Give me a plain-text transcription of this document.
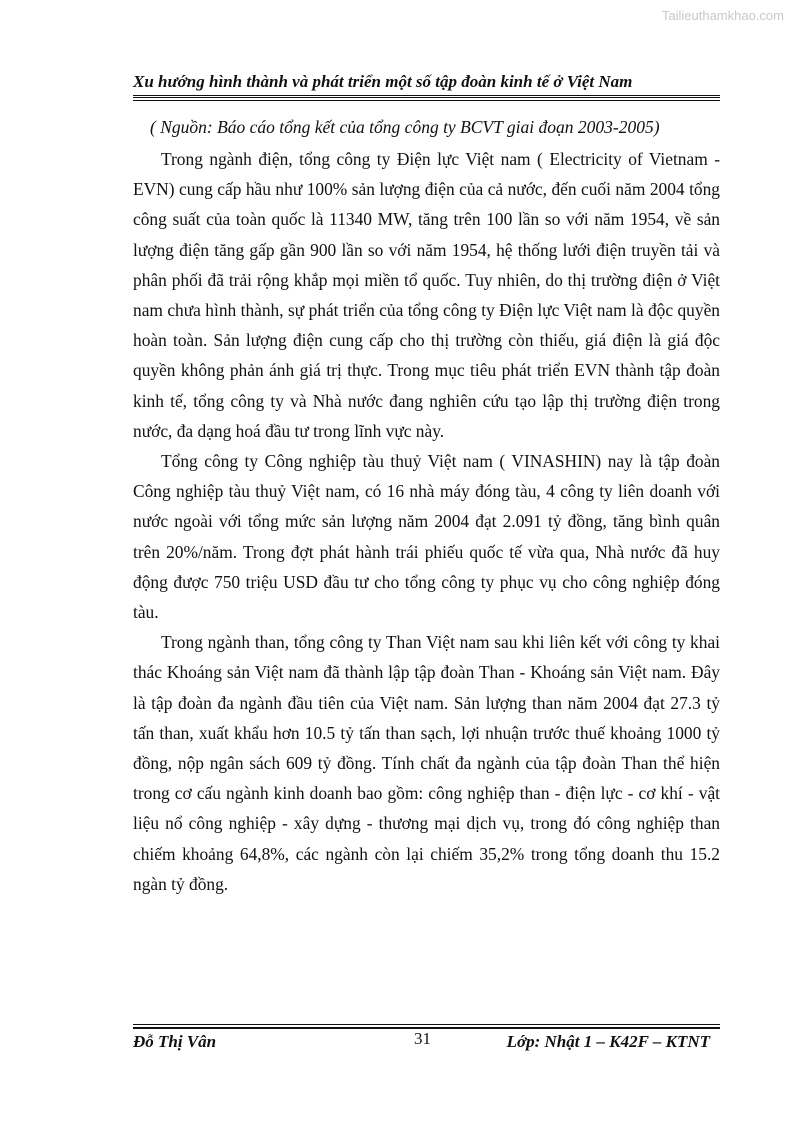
Tailieuthamkhao.com
Xu hướng hình thành và phát triển một số tập đoàn kinh tế ở Việt Nam
( Nguồn: Báo cáo tổng kết của tổng công ty BCVT giai đoạn 2003-2005)

Trong ngành điện, tổng công ty Điện lực Việt nam ( Electricity of Vietnam - EVN) cung cấp hầu như 100% sản lượng điện của cả nước, đến cuối năm 2004 tổng công suất của toàn quốc là 11340 MW, tăng trên 100 lần so với năm 1954, về sản lượng điện tăng gấp gần 900 lần so với năm 1954, hệ thống lưới điện truyền tải và phân phối đã trải rộng khắp mọi miền tổ quốc. Tuy nhiên, do thị trường điện ở Việt nam chưa hình thành, sự phát triển của tổng công ty Điện lực Việt nam là độc quyền hoàn toàn. Sản lượng điện cung cấp cho thị trường còn thiếu, giá điện là giá độc quyền không phản ánh giá trị thực. Trong mục tiêu phát triển EVN thành tập đoàn kinh tế, tổng công ty và Nhà nước đang nghiên cứu tạo lập thị trường điện trong nước, đa dạng hoá đầu tư trong lĩnh vực này.

Tổng công ty Công nghiệp tàu thuỷ Việt nam ( VINASHIN) nay là tập đoàn Công nghiệp tàu thuỷ Việt nam, có 16 nhà máy đóng tàu, 4 công ty liên doanh với nước ngoài với tổng mức sản lượng năm 2004 đạt 2.091 tỷ đồng, tăng bình quân trên 20%/năm. Trong đợt phát hành trái phiếu quốc tế vừa qua, Nhà nước đã huy động được 750 triệu USD đầu tư cho tổng công ty phục vụ cho công nghiệp đóng tàu.

Trong ngành than, tổng công ty Than Việt nam sau khi liên kết với công ty khai thác Khoáng sản Việt nam đã thành lập tập đoàn Than - Khoáng sản Việt nam. Đây là tập đoàn đa ngành đầu tiên của Việt nam. Sản lượng than năm 2004 đạt 27.3 tỷ tấn than, xuất khẩu hơn 10.5 tỷ tấn than sạch, lợi nhuận trước thuế khoảng 1000 tỷ đồng, nộp ngân sách 609 tỷ đồng. Tính chất đa ngành của tập đoàn Than thể hiện trong cơ cấu ngành kinh doanh bao gồm: công nghiệp than - điện lực - cơ khí - vật liệu nổ công nghiệp - xây dựng - thương mại dịch vụ, trong đó công nghiệp than chiếm khoảng 64,8%, các ngành còn lại chiếm 35,2% trong tổng doanh thu 15.2 ngàn tỷ đồng.

Đỗ Thị Vân	31	Lớp: Nhật 1 – K42F – KTNT
